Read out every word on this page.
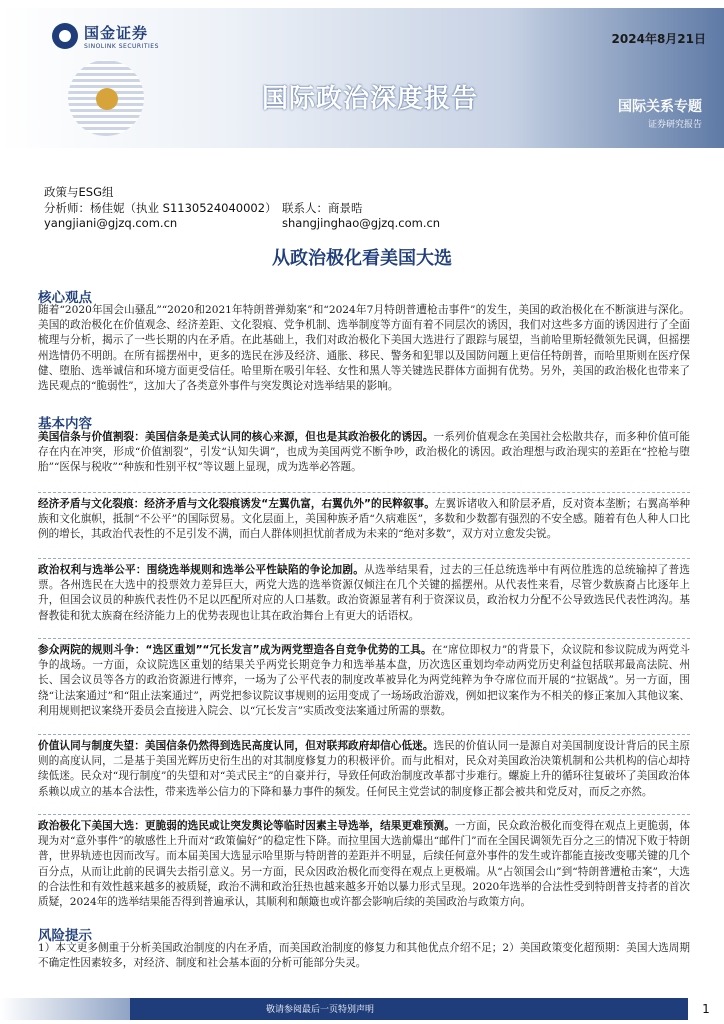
国金证券
SINOLINK SECURITIES
2024年8月21日
国际政治深度报告	国际关系专题
证券研究报告
政策与ESG组
分析师：杨佳妮（执业 S1130524040002）
yangjiani@gjzq.com.cn
联系人：商景晧
shangjinghao@gjzq.com.cn
从政治极化看美国大选
核心观点
随着“2020年国会山骚乱”“2020和2021年特朗普弹劾案”和“2024年7月特朗普遭枪击事件”的发生，美国的政治极化在不断演进与深化。美国的政治极化在价值观念、经济差距、文化裂痕、党争机制、选举制度等方面有着不同层次的诱因，我们对这些多方面的诱因进行了全面梳理与分析，揭示了一些长期的内在矛盾。在此基础上，我们对政治极化下美国大选进行了跟踪与展望，当前哈里斯轻微领先民调，但摇摆州选情仍不明朗。在所有摇摆州中，更多的选民在涉及经济、通胀、移民、警务和犯罪以及国防问题上更信任特朗普，而哈里斯则在医疗保健、堕胎、选举诚信和环境方面更受信任。哈里斯在吸引年轻、女性和黑人等关键选民群体方面拥有优势。另外，美国的政治极化也带来了选民观点的“脆弱性”，这加大了各类意外事件与突发舆论对选举结果的影响。
基本内容
美国信条与价值割裂：美国信条是美式认同的核心来源，但也是其政治极化的诱因。一系列价值观念在美国社会松散共存，而多种价值可能存在内在冲突，形成“价值割裂”，引发“认知失调”，也成为美国两党不断争吵，政治极化的诱因。政治理想与政治现实的差距在“控枪与堕胎”“医保与税收”“种族和性别平权”等议题上显现，成为选举必答题。
经济矛盾与文化裂痕：经济矛盾与文化裂痕诱发“左翼仇富，右翼仇外”的民粹叙事。左翼诉诸收入和阶层矛盾，反对资本垄断；右翼高举种族和文化旗帜，抵制“不公平”的国际贸易。文化层面上，美国种族矛盾“久病难医”，多数和少数都有强烈的不安全感。随着有色人种人口比例的增长，其政治代表性的不足引发不满，而白人群体则担忧前者成为未来的“绝对多数”，双方对立愈发尖锐。
政治权利与选举公平：围绕选举规则和选举公平性缺陷的争论加剧。从选举结果看，过去的三任总统选举中有两位胜选的总统输掉了普选票。各州选民在大选中的投票效力差异巨大，两党大选的选举资源仅倾注在几个关键的摇摆州。从代表性来看，尽管少数族裔占比逐年上升，但国会议员的种族代表性仍不足以匹配所对应的人口基数。政治资源显著有利于资深议员，政治权力分配不公导致选民代表性鸿沟。基督教徒和犹太族裔在经济能力上的优势表现也让其在政治舞台上有更大的话语权。
参众两院的规则斗争：“选区重划”“冗长发言”成为两党塑造各自竞争优势的工具。在“席位即权力”的背景下，众议院和参议院成为两党斗争的战场。一方面，众议院选区重划的结果关乎两党长期竞争力和选举基本盘，历次选区重划均牵动两党历史利益包括联邦最高法院、州长、国会议员等各方的政治资源进行博弈，一场为了公平代表的制度改革被异化为两党纯粹为争夺席位而开展的“拉锯战”。另一方面，围绕“让法案通过”和“阻止法案通过”，两党把参议院议事规则的运用变成了一场场政治游戏，例如把议案作为不相关的修正案加入其他议案、利用规则把议案绕开委员会直接进入院会、以“冗长发言”实质改变法案通过所需的票数。
价值认同与制度失望：美国信条仍然得到选民高度认同，但对联邦政府却信心低迷。选民的价值认同一是源自对美国制度设计背后的民主原则的高度认同，二是基于美国光辉历史衍生出的对其制度修复力的积极评价。而与此相对，民众对美国政治决策机制和公共机构的信心却持续低迷。民众对“现行制度”的失望和对“美式民主”的自豪并行，导致任何政治制度改革都寸步难行。螺旋上升的循环往复破坏了美国政治体系赖以成立的基本合法性，带来选举公信力的下降和暴力事件的频发。任何民主党尝试的制度修正都会被共和党反对，而反之亦然。
政治极化下美国大选：更脆弱的选民或让突发舆论等临时因素主导选举，结果更难预测。一方面，民众政治极化而变得在观点上更脆弱，体现为对“意外事件”的敏感性上升而对“政策偏好”的稳定性下降。而拉里国大选前爆出“邮件门”而在全国民调领先百分之三的情况下败于特朗普，世界轨迹也因而改写。而本届美国大选显示哈里斯与特朗普的差距并不明显，后续任何意外事件的发生或许都能直接改变哪关键的几个百分点，从而让此前的民调失去指引意义。另一方面，民众因政治极化而变得在观点上更极端。从“占领国会山”到“特朗普遭枪击案”，大选的合法性和有效性越来越多的被质疑，政治不满和政治狂热也越来越多开始以暴力形式呈现。2020年选举的合法性受到特朗普支持者的首次质疑，2024年的选举结果能否得到普遍承认，其顺利和颠簸也或许都会影响后续的美国政治与政策方向。
风险提示
1）本文更多侧重于分析美国政治制度的内在矛盾，而美国政治制度的修复力和其他优点介绍不足；2）美国政策变化超预期：美国大选周期不确定性因素较多，对经济、制度和社会基本面的分析可能部分失灵。
敬请参阅最后一页特别声明	1
